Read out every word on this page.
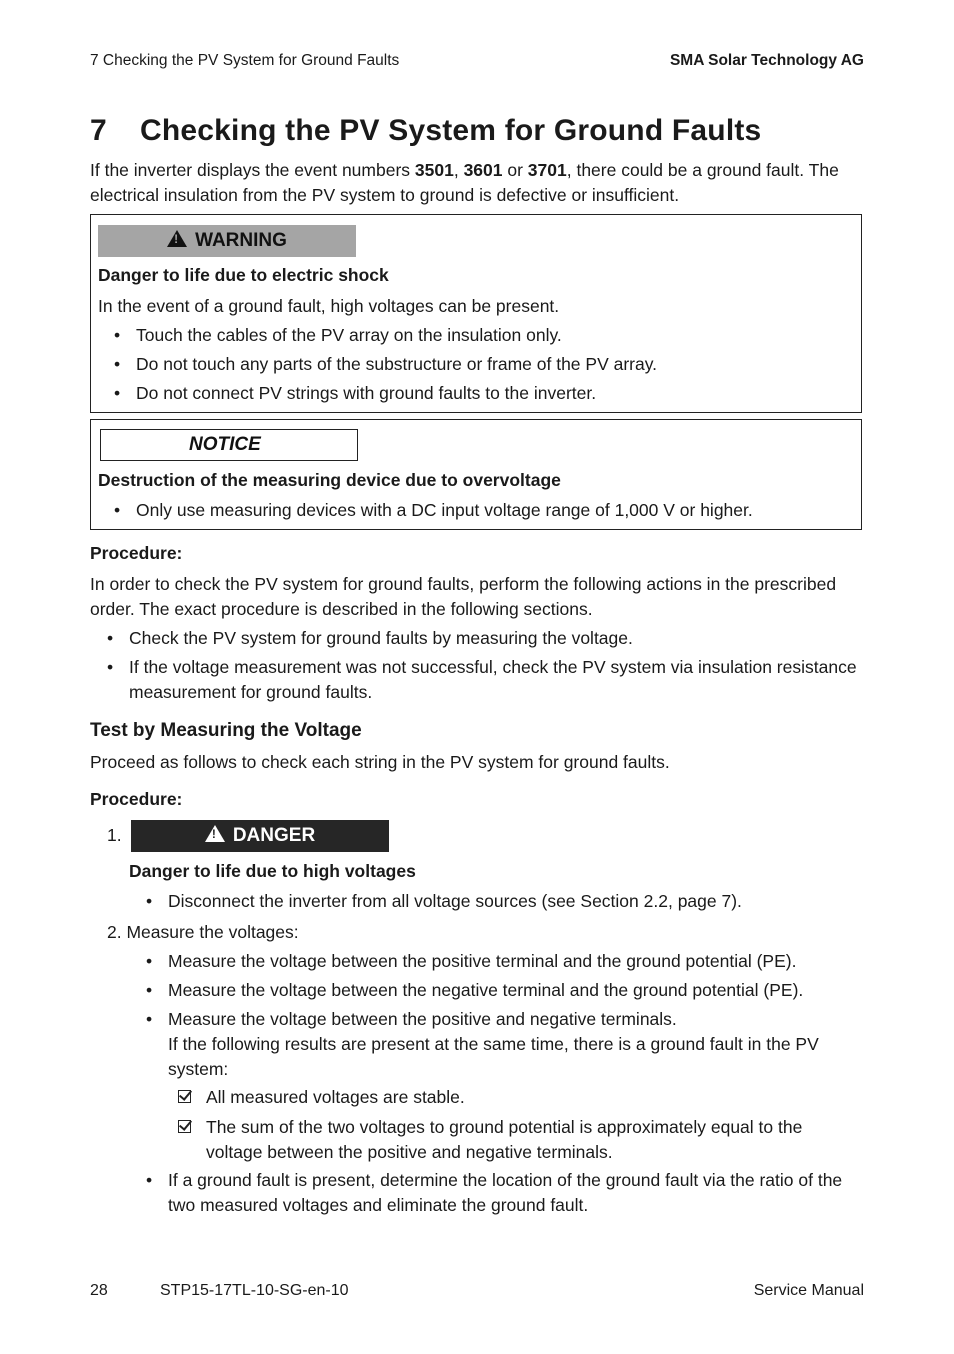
7 Checking the PV System for Ground Faults	SMA Solar Technology AG
7 Checking the PV System for Ground Faults
If the inverter displays the event numbers 3501, 3601 or 3701, there could be a ground fault. The
electrical insulation from the PV system to ground is defective or insufficient.
!WARNING
Danger to life due to electric shock
In the event of a ground fault, high voltages can be present.
• Touch the cables of the PV array on the insulation only.
• Do not touch any parts of the substructure or frame of the PV array.
• Do not connect PV strings with ground faults to the inverter.
NOTICE
Destruction of the measuring device due to overvoltage
• Only use measuring devices with a DC input voltage range of 1,000 V or higher.
Procedure:
In order to check the PV system for ground faults, perform the following actions in the prescribed
order. The exact procedure is described in the following sections.
• Check the PV system for ground faults by measuring the voltage.
• If the voltage measurement was not successful, check the PV system via insulation resistance
measurement for ground faults.
Test by Measuring the Voltage
Proceed as follows to check each string in the PV system for ground faults.
Procedure:
1.
!	DANGER
Danger to life due to high voltages
• Disconnect the inverter from all voltage sources (see Section 2.2, page 7).
2. Measure the voltages:
• Measure the voltage between the positive terminal and the ground potential (PE).
• Measure the voltage between the negative terminal and the ground potential (PE).
• Measure the voltage between the positive and negative terminals.
If the following results are present at the same time, there is a ground fault in the PV
system:
All measured voltages are stable.
The sum of the two voltages to ground potential is approximately equal to the
voltage between the positive and negative terminals.
• If a ground fault is present, determine the location of the ground fault via the ratio of the
two measured voltages and eliminate the ground fault.
28	STP15-17TL-10-SG-en-10	Service Manual
